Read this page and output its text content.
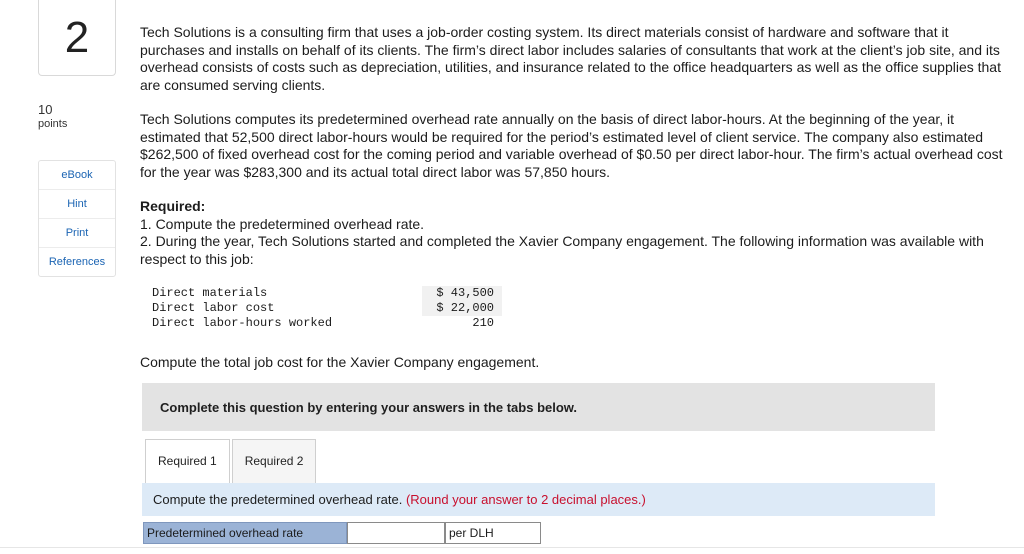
2
10
points
eBook
Hint
Print
References

Tech Solutions is a consulting firm that uses a job-order costing system. Its direct materials consist of hardware and software that it purchases and installs on behalf of its clients. The firm’s direct labor includes salaries of consultants that work at the client’s job site, and its overhead consists of costs such as depreciation, utilities, and insurance related to the office headquarters as well as the office supplies that are consumed serving clients.

Tech Solutions computes its predetermined overhead rate annually on the basis of direct labor-hours. At the beginning of the year, it estimated that 52,500 direct labor-hours would be required for the period’s estimated level of client service. The company also estimated $262,500 of fixed overhead cost for the coming period and variable overhead of $0.50 per direct labor-hour. The firm’s actual overhead cost for the year was $283,300 and its actual total direct labor was 57,850 hours.

Required:

1. Compute the predetermined overhead rate.

2. During the year, Tech Solutions started and completed the Xavier Company engagement. The following information was available with respect to this job:

Direct materials	$ 43,500
Direct labor cost	$ 22,000
Direct labor-hours worked	210

Compute the total job cost for the Xavier Company engagement.

Complete this question by entering your answers in the tabs below.
Required 1	Required 2
Compute the predetermined overhead rate. (Round your answer to 2 decimal places.)
Predetermined overhead rate	per DLH
